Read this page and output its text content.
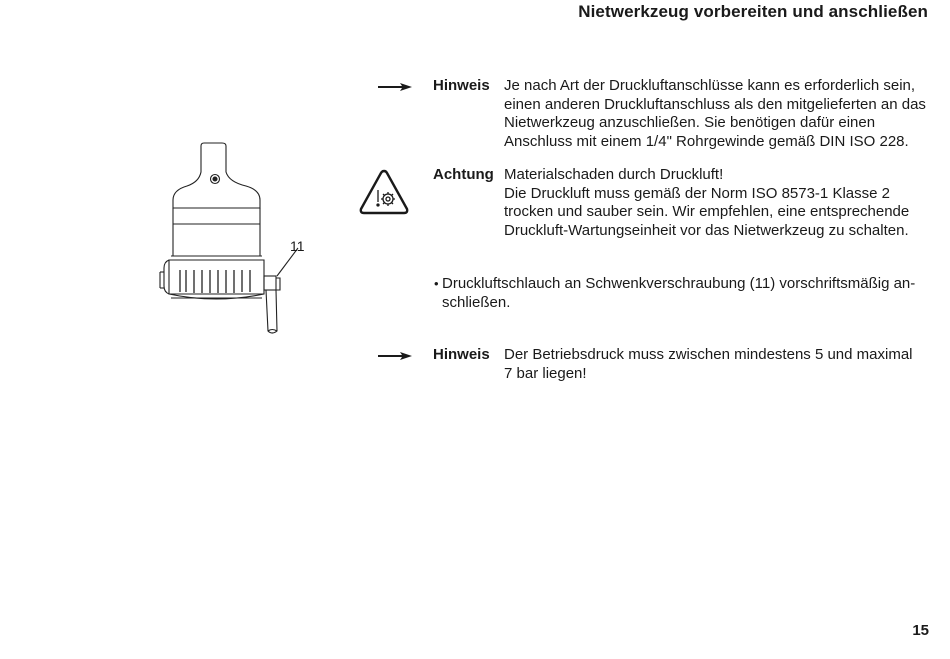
Nietwerkzeug vorbereiten und anschließen
11
Hinweis Je nach Art der Druckluftanschlüsse kann es erforderlich sein,
einen anderen Druckluftanschluss als den mitgelieferten an das
Nietwerkzeug anzuschließen. Sie benötigen dafür einen
Anschluss mit einem 1/4" Rohrgewinde gemäß DIN ISO 228.
Achtung Materialschaden durch Druckluft!
Die Druckluft muss gemäß der Norm ISO 8573-1 Klasse 2
trocken und sauber sein. Wir empfehlen, eine entsprechende
Druckluft-Wartungseinheit vor das Nietwerkzeug zu schalten.
• Druckluftschlauch an Schwenkverschraubung (11) vorschriftsmäßig an-
schließen.
Hinweis Der Betriebsdruck muss zwischen mindestens 5 und maximal
7 bar liegen!
15
